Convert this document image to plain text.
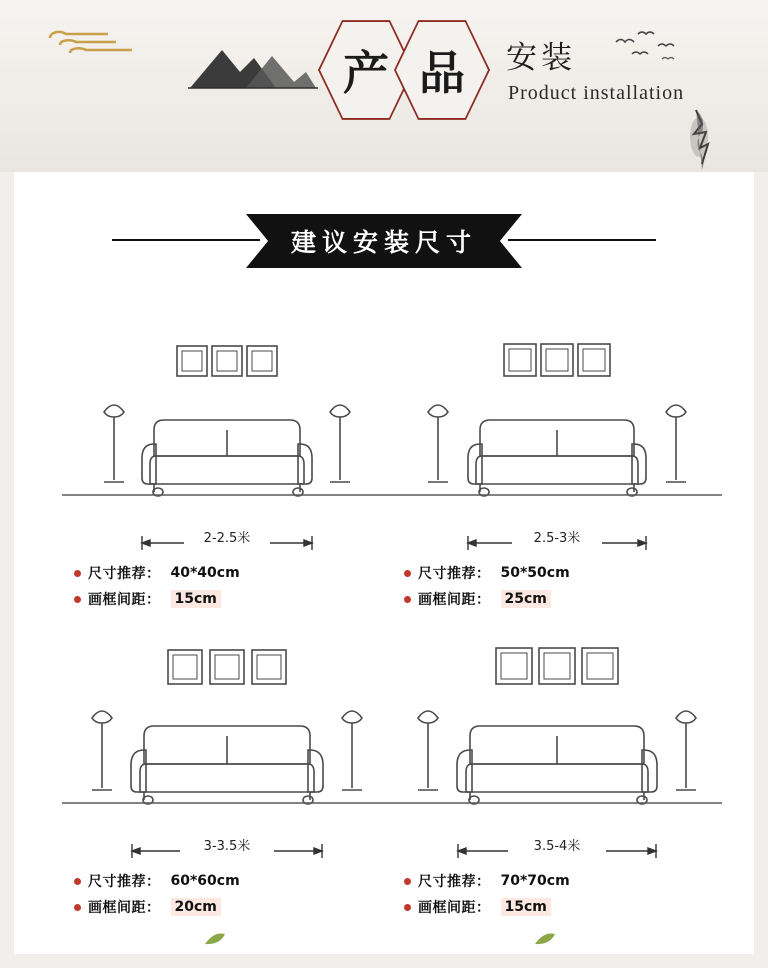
产 品	安装
Product installation
建议安装尺寸
2-2.5米
尺寸推荐： 40*40cm
画框间距： 15cm
2.5-3米
尺寸推荐： 50*50cm
画框间距： 25cm
3-3.5米
尺寸推荐： 60*60cm
画框间距： 20cm
3.5-4米
尺寸推荐： 70*70cm
画框间距： 15cm
